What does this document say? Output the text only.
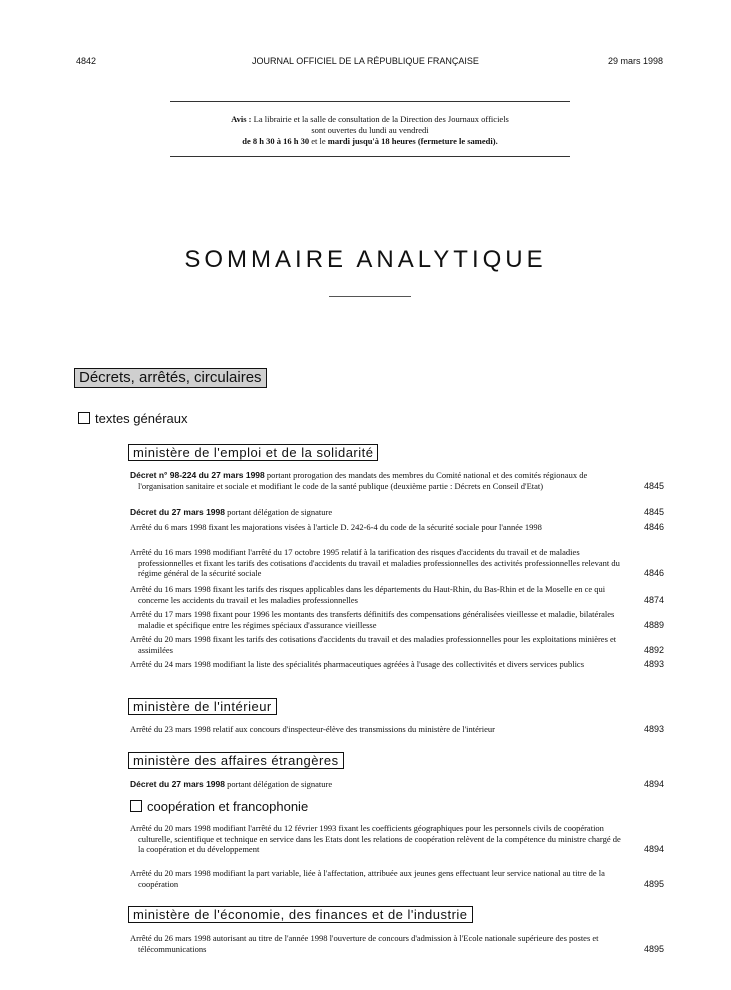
4842	JOURNAL OFFICIEL DE LA RÉPUBLIQUE FRANÇAISE	29 mars 1998
Avis : La librairie et la salle de consultation de la Direction des Journaux officiels
sont ouvertes du lundi au vendredi
de 8 h 30 à 16 h 30 et le mardi jusqu'à 18 heures (fermeture le samedi).
SOMMAIRE ANALYTIQUE
Décrets, arrêtés, circulaires
textes généraux
ministère de l'emploi et de la solidarité
Décret n° 98-224 du 27 mars 1998 portant prorogation des mandats des membres du Comité national et des comités régionaux de l'organisation sanitaire et sociale et modifiant le code de la santé publique (deuxième partie : Décrets en Conseil d'Etat)	4845
Décret du 27 mars 1998 portant délégation de signature	4845
Arrêté du 6 mars 1998 fixant les majorations visées à l'article D. 242-6-4 du code de la sécurité sociale pour l'année 1998	4846
Arrêté du 16 mars 1998 modifiant l'arrêté du 17 octobre 1995 relatif à la tarification des risques d'accidents du travail et de maladies professionnelles et fixant les tarifs des cotisations d'accidents du travail et maladies professionnelles des activités professionnelles relevant du régime général de la sécurité sociale	4846
Arrêté du 16 mars 1998 fixant les tarifs des risques applicables dans les départements du Haut-Rhin, du Bas-Rhin et de la Moselle en ce qui concerne les accidents du travail et les maladies professionnelles	4874
Arrêté du 17 mars 1998 fixant pour 1996 les montants des transferts définitifs des compensations généralisées vieillesse et maladie, bilatérales maladie et spécifique entre les régimes spéciaux d'assurance vieillesse	4889
Arrêté du 20 mars 1998 fixant les tarifs des cotisations d'accidents du travail et des maladies professionnelles pour les exploitations minières et assimilées	4892
Arrêté du 24 mars 1998 modifiant la liste des spécialités pharmaceutiques agréées à l'usage des collectivités et divers services publics	4893
ministère de l'intérieur
Arrêté du 23 mars 1998 relatif aux concours d'inspecteur-élève des transmissions du ministère de l'intérieur	4893
ministère des affaires étrangères
Décret du 27 mars 1998 portant délégation de signature	4894
coopération et francophonie
Arrêté du 20 mars 1998 modifiant l'arrêté du 12 février 1993 fixant les coefficients géographiques pour les personnels civils de coopération culturelle, scientifique et technique en service dans les Etats dont les relations de coopération relèvent de la compétence du ministre chargé de la coopération et du développement	4894
Arrêté du 20 mars 1998 modifiant la part variable, liée à l'affectation, attribuée aux jeunes gens effectuant leur service national au titre de la coopération	4895
ministère de l'économie, des finances et de l'industrie
Arrêté du 26 mars 1998 autorisant au titre de l'année 1998 l'ouverture de concours d'admission à l'Ecole nationale supérieure des postes et télécommunications	4895
